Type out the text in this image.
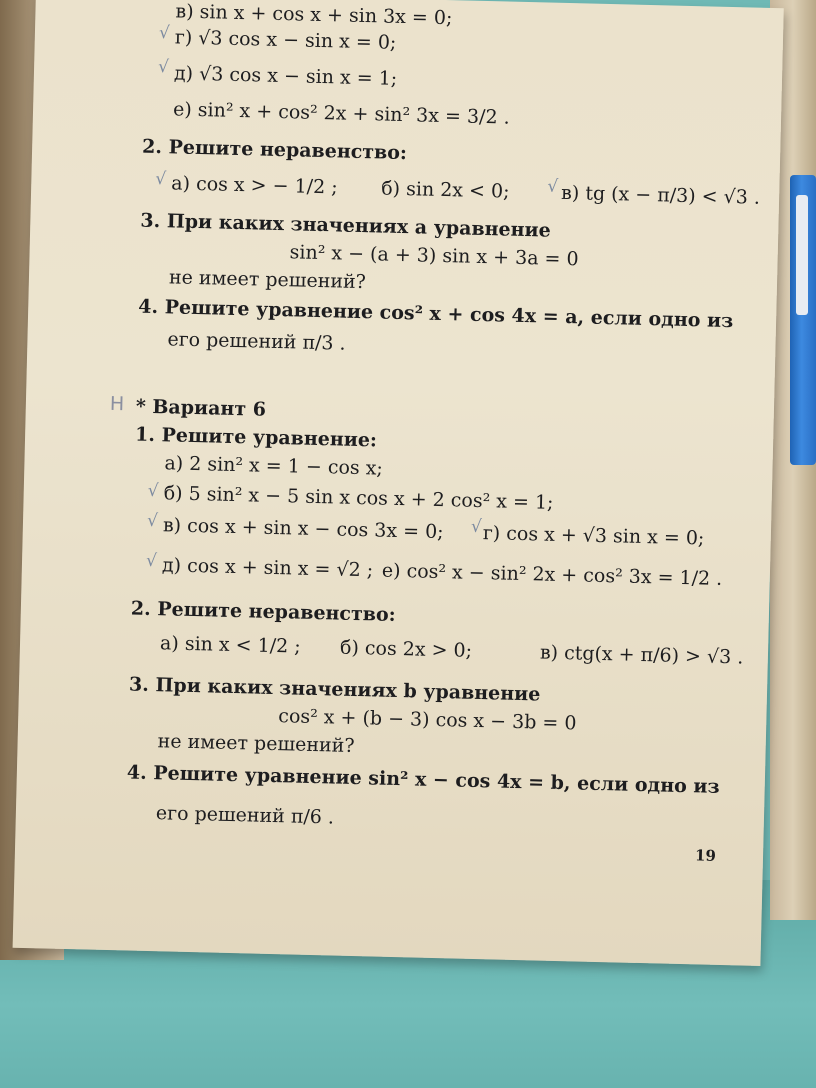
в) sin x + cos x + sin 3x = 0;
г) √3 cos x − sin x = 0;
д) √3 cos x − sin x = 1;
е) sin² x + cos² 2x + sin² 3x = 3/2 .
2. Решите неравенство:
а) cos x > − 1/2 ; б) sin 2x < 0;	в) tg (x − π/3) < √3 .
3. При каких значениях a уравнение
sin² x − (a + 3) sin x + 3a = 0
не имеет решений?
4. Решите уравнение cos² x + cos 4x = a, если одно из
его решений π/3 .
Н * Вариант 6
1. Решите уравнение:
а) 2 sin² x = 1 − cos x;
б) 5 sin² x − 5 sin x cos x + 2 cos² x = 1;
в) cos x + sin x − cos 3x = 0; г) cos x + √3 sin x = 0;
д) cos x + sin x = √2 ; е) cos² x − sin² 2x + cos² 3x = 1/2 .
2. Решите неравенство:
а) sin x < 1/2 ; б) cos 2x > 0;	в) ctg(x + π/6) > √3 .
3. При каких значениях b уравнение
cos² x + (b − 3) cos x − 3b = 0
не имеет решений?
4. Решите уравнение sin² x − cos 4x = b, если одно из
его решений π/6 .
19
√
√
√	√
√
√	√
√
